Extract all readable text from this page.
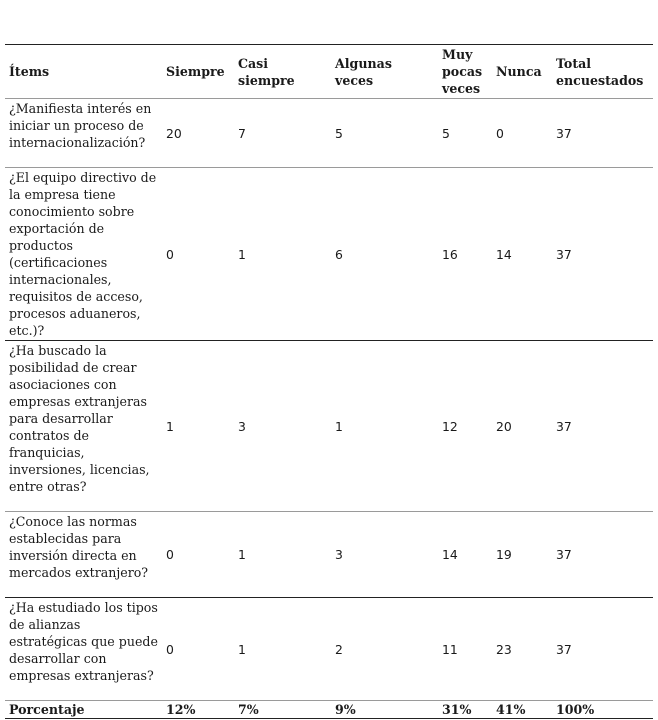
Ítems	Siempre	Casi siempre	Algunas veces	Muy pocas veces	Nunca	Total encuestados
¿Manifiesta interés en iniciar un proceso de internacionalización?	20	7	5	5	0	37
¿El equipo directivo de la empresa tiene conocimiento sobre exportación de productos (certificaciones internacionales, requisitos de acceso, procesos aduaneros, etc.)?	0	1	6	16	14	37
¿Ha buscado la posibilidad de crear asociaciones con empresas extranjeras para desarrollar contratos de franquicias, inversiones, licencias, entre otras?	1	3	1	12	20	37
¿Conoce las normas establecidas para inversión directa en mercados extranjero?	0	1	3	14	19	37
¿Ha estudiado los tipos de alianzas estratégicas que puede desarrollar con empresas extranjeras?	0	1	2	11	23	37
Porcentaje	12%	7%	9%	31%	41%	100%
